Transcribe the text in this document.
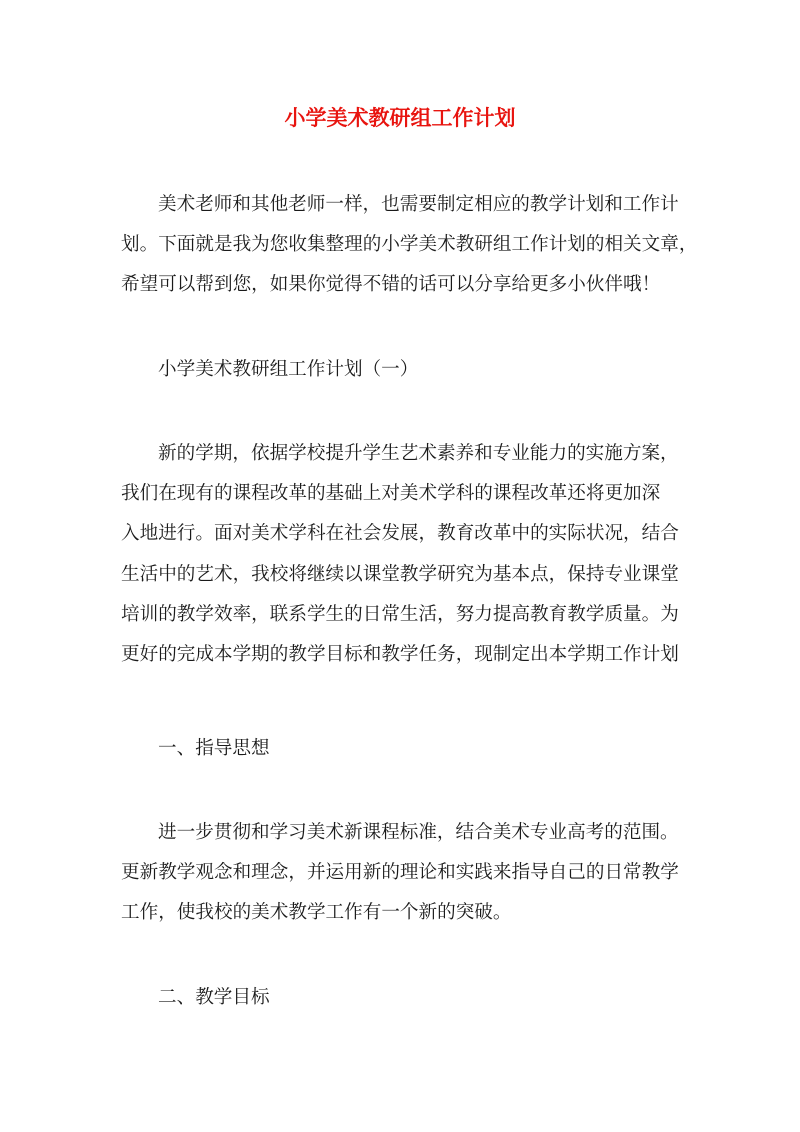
小学美术教研组工作计划
美术老师和其他老师一样，也需要制定相应的教学计划和工作计
划。下面就是我为您收集整理的小学美术教研组工作计划的相关文章，
希望可以帮到您，如果你觉得不错的话可以分享给更多小伙伴哦！
小学美术教研组工作计划（一）
新的学期，依据学校提升学生艺术素养和专业能力的实施方案，
我们在现有的课程改革的基础上对美术学科的课程改革还将更加深
入地进行。面对美术学科在社会发展，教育改革中的实际状况，结合
生活中的艺术，我校将继续以课堂教学研究为基本点，保持专业课堂
培训的教学效率，联系学生的日常生活，努力提高教育教学质量。为
更好的完成本学期的教学目标和教学任务，现制定出本学期工作计划
一、指导思想
进一步贯彻和学习美术新课程标准，结合美术专业高考的范围。
更新教学观念和理念，并运用新的理论和实践来指导自己的日常教学
工作，使我校的美术教学工作有一个新的突破。
二、教学目标
